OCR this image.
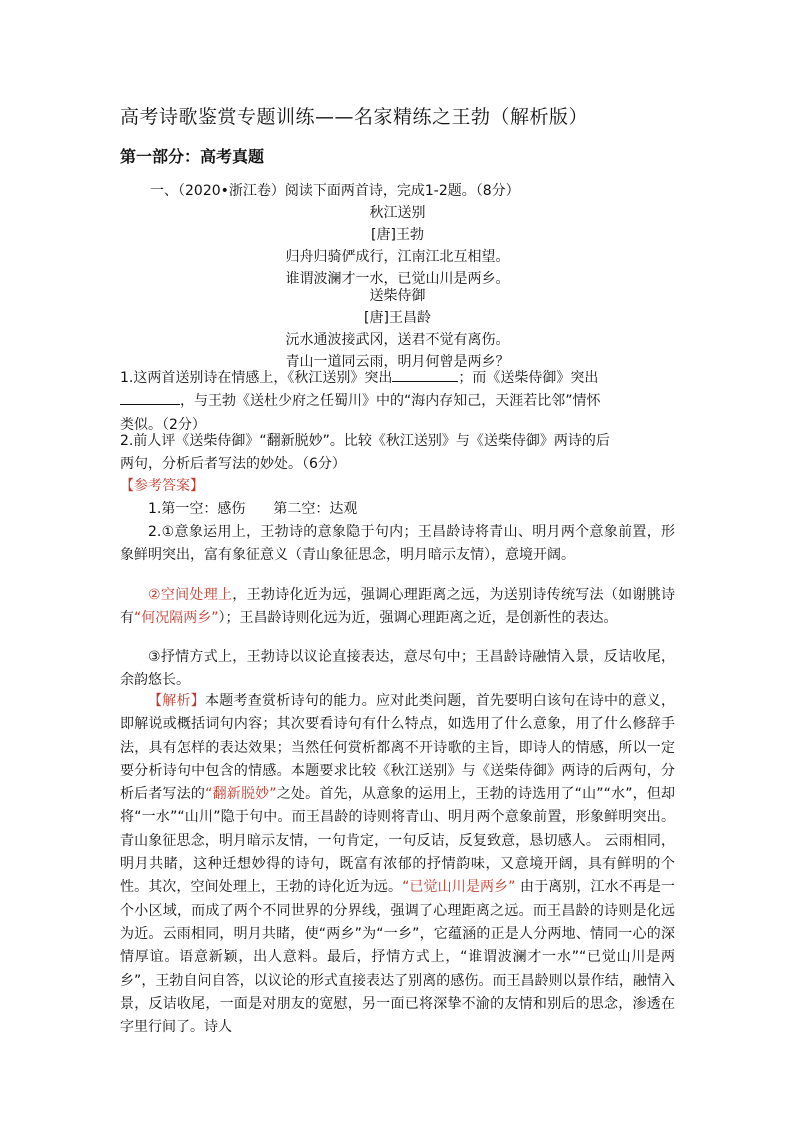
高考诗歌鉴赏专题训练——名家精练之王勃（解析版）
第一部分：高考真题
一、（2020•浙江卷）阅读下面两首诗，完成1-2题。（8分）
秋江送别
[唐]王勃
归舟归骑俨成行，江南江北互相望。
谁谓波澜才一水，已觉山川是两乡。
送柴侍御
[唐]王昌龄
沅水通波接武冈，送君不觉有离伤。
青山一道同云雨，明月何曾是两乡？
1.这两首送别诗在情感上，《秋江送别》突出	；而《送柴侍御》突出
，与王勃《送杜少府之任蜀川》中的“海内存知己，天涯若比邻”情怀
类似。（2分）
2.前人评《送柴侍御》“翻新脱妙”。比较《秋江送别》与《送柴侍御》两诗的后
两句，分析后者写法的妙处。（6分）
【参考答案】
1.第一空：感伤　　第二空：达观
2.①意象运用上，王勃诗的意象隐于句内；王昌龄诗将青山、明月两个意象前置，形象鲜明突出，富有象征意义（青山象征思念，明月暗示友情），意境开阔。
②空间处理上，王勃诗化近为远，强调心理距离之远，为送别诗传统写法（如谢朓诗有“何况隔两乡”）；王昌龄诗则化远为近，强调心理距离之近，是创新性的表达。
③抒情方式上，王勃诗以议论直接表达，意尽句中；王昌龄诗融情入景，反诘收尾，余韵悠长。
【解析】本题考查赏析诗句的能力。应对此类问题，首先要明白该句在诗中的意义，即解说或概括词句内容；其次要看诗句有什么特点，如选用了什么意象，用了什么修辞手法，具有怎样的表达效果；当然任何赏析都离不开诗歌的主旨，即诗人的情感，所以一定要分析诗句中包含的情感。本题要求比较《秋江送别》与《送柴侍御》两诗的后两句，分析后者写法的“翻新脱妙”之处。首先，从意象的运用上，王勃的诗选用了“山”“水”，但却将“一水”“山川”隐于句中。而王昌龄的诗则将青山、明月两个意象前置，形象鲜明突出。青山象征思念，明月暗示友情，一句肯定，一句反诘，反复致意，恳切感人。 云雨相同，明月共睹，这种迁想妙得的诗句，既富有浓郁的抒情韵味，又意境开阔，具有鲜明的个性。其次，空间处理上，王勃的诗化近为远。“已觉山川是两乡” 由于离别，江水不再是一个小区域，而成了两个不同世界的分界线，强调了心理距离之远。而王昌龄的诗则是化远为近。云雨相同，明月共睹，使“两乡”为“一乡”，它蕴涵的正是人分两地、情同一心的深情厚谊。语意新颖，出人意料。最后，抒情方式上，“谁谓波澜才一水”“已觉山川是两乡”，王勃自问自答，以议论的形式直接表达了别离的感伤。而王昌龄则以景作结，融情入景，反诘收尾，一面是对朋友的宽慰，另一面已将深挚不渝的友情和别后的思念，渗透在字里行间了。诗人
